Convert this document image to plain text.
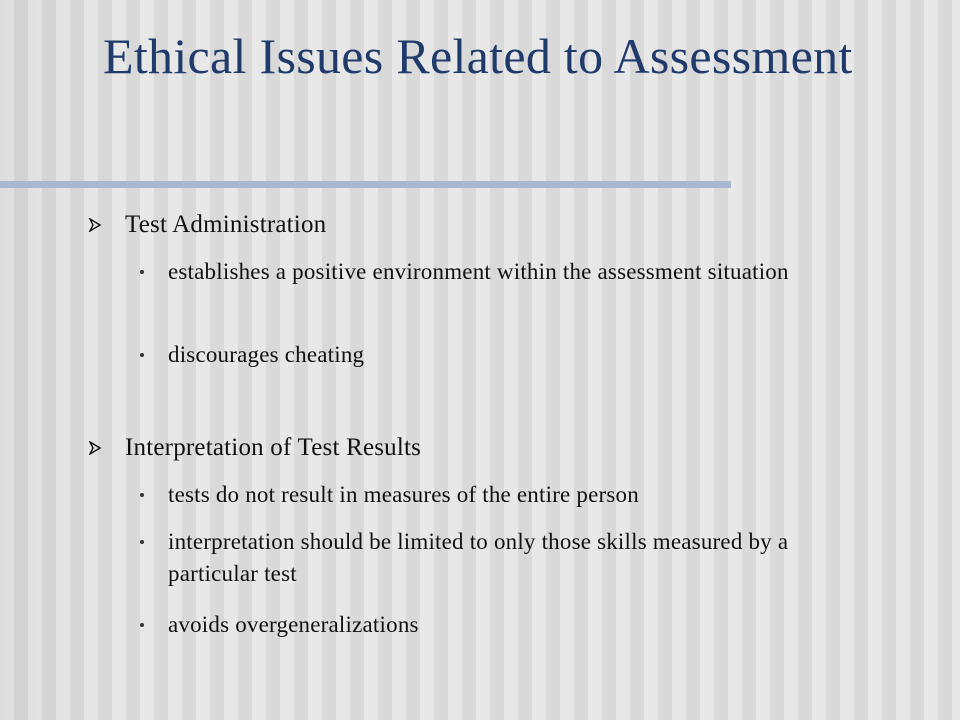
Ethical Issues Related to Assessment
Test Administration
establishes a positive environment within the assessment situation
discourages cheating
Interpretation of Test Results
tests do not result in measures of the entire person
interpretation should be limited to only those skills measured by a particular test
avoids overgeneralizations
